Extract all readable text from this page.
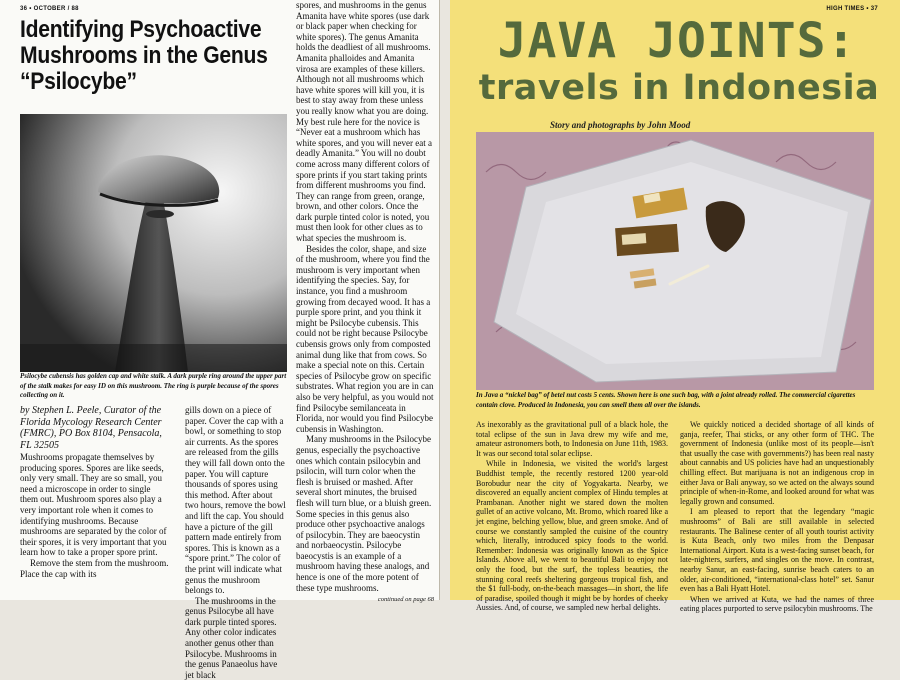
36 • OCTOBER / 88
Identifying Psychoactive
Mushrooms in the Genus
“Psilocybe”

Psilocybe cubensis has golden cap and white stalk. A dark purple ring around the upper part of the stalk makes for easy ID on this mushroom. The ring is purple because of the spores collecting on it.

by Stephen L. Peele, Curator of the Florida Mycology Research Center (FMRC), PO Box 8104, Pensacola, FL 32505

Mushrooms propagate themselves by producing spores. Spores are like seeds, only very small. They are so small, you need a microscope in order to single them out. Mushroom spores also play a very important role when it comes to identifying mushrooms. Because mushrooms are separated by the color of their spores, it is very important that you learn how to take a proper spore print.

Remove the stem from the mushroom. Place the cap with its

gills down on a piece of paper. Cover the cap with a bowl, or something to stop air currents. As the spores are released from the gills they will fall down onto the paper. You will capture thousands of spores using this method. After about two hours, remove the bowl and lift the cap. You should have a picture of the gill pattern made entirely from spores. This is known as a “spore print.” The color of the print will indicate what genus the mushroom belongs to.

The mushrooms in the genus Psilocybe all have dark purple tinted spores. Any other color indicates another genus other than Psilocybe. Mushrooms in the genus Panaeolus have jet black

spores, and mushrooms in the genus Amanita have white spores (use dark or black paper when checking for white spores). The genus Amanita holds the deadliest of all mushrooms. Amanita phalloides and Amanita virosa are examples of these killers. Although not all mushrooms which have white spores will kill you, it is best to stay away from these unless you really know what you are doing. My best rule here for the novice is “Never eat a mushroom which has white spores, and you will never eat a deadly Amanita.” You will no doubt come across many different colors of spore prints if you start taking prints from different mushrooms you find. They can range from green, orange, brown, and other colors. Once the dark purple tinted color is noted, you must then look for other clues as to what species the mushroom is.

Besides the color, shape, and size of the mushroom, where you find the mushroom is very important when identifying the species. Say, for instance, you find a mushroom growing from decayed wood. It has a purple spore print, and you think it might be Psilocybe cubensis. This could not be right because Psilocybe cubensis grows only from composted animal dung like that from cows. So make a special note on this. Certain species of Psilocybe grow on specific substrates. What region you are in can also be very helpful, as you would not find Psilocybe semilanceata in Florida, nor would you find Psilocybe cubensis in Washington.

Many mushrooms in the Psilocybe genus, especially the psychoactive ones which contain psilocybin and psilocin, will turn color when the flesh is bruised or mashed. After several short minutes, the bruised flesh will turn blue, or a bluish green. Some species in this genus also produce other psychoactive analogs of psilocybin. They are baeocystin and norbaeocystin. Psilocybe baeocystis is an example of a mushroom having these analogs, and hence is one of the more potent of these type mushrooms.

continued on page 68

HIGH TIMES • 37
JAVA JOINTS:
travels in Indonesia

Story and photographs by John Mood

In Java a “nickel bag” of betel nut costs 5 cents. Shown here is one such bag, with a joint already rolled. The commercial cigarettes contain clove. Produced in Indonesia, you can smell them all over the islands.

As inexorably as the gravitational pull of a black hole, the total eclipse of the sun in Java drew my wife and me, amateur astronomers both, to Indonesia on June 11th, 1983. It was our second total solar eclipse.

While in Indonesia, we visited the world's largest Buddhist temple, the recently restored 1200 year-old Borobudur near the city of Yogyakarta. Nearby, we discovered an equally ancient complex of Hindu temples at Prambanan. Another night we stared down the molten gullet of an active volcano, Mt. Bromo, which roared like a jet engine, belching yellow, blue, and green smoke. And of course we constantly sampled the cuisine of the country which, literally, introduced spicy foods to the world. Remember: Indonesia was originally known as the Spice Islands. Above all, we went to beautiful Bali to enjoy not only the food, but the surf, the topless beauties, the stunning coral reefs sheltering gorgeous tropical fish, and the $1 full-body, on-the-beach massages—in short, the life of paradise, spoiled though it might be by hordes of cheeky Aussies. And, of course, we sampled new herbal delights.

We quickly noticed a decided shortage of all kinds of ganja, reefer, Thai sticks, or any other form of THC. The government of Indonesia (unlike most of its people—isn't that usually the case with governments?) has been real nasty about cannabis and US policies have had an unquestionably chilling effect. But marijuana is not an indigenous crop in either Java or Bali anyway, so we acted on the always sound principle of when-in-Rome, and looked around for what was legally grown and consumed.

I am pleased to report that the legendary “magic mushrooms” of Bali are still available in selected restaurants. The Balinese center of all youth tourist activity is Kuta Beach, only two miles from the Denpasar International Airport. Kuta is a west-facing sunset beach, for late-nighters, surfers, and singles on the move. In contrast, nearby Sanur, an east-facing, sunrise beach caters to an older, air-conditioned, “international-class hotel” set. Sanur even has a Bali Hyatt Hotel.

When we arrived at Kuta, we had the names of three eating places purported to serve psilocybin mushrooms. The
